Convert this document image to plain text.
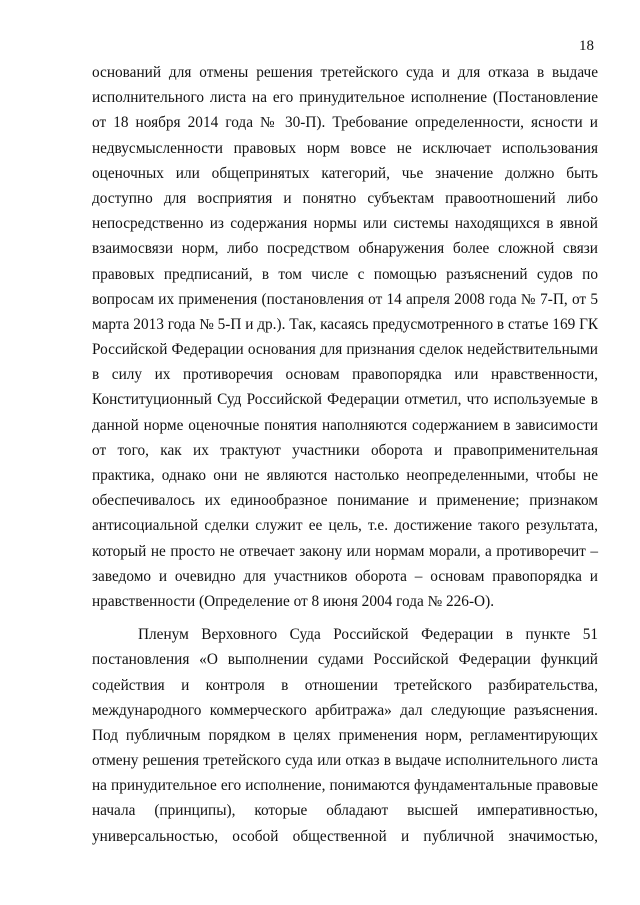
18
оснований для отмены решения третейского суда и для отказа в выдаче
исполнительного листа на его принудительное исполнение (Постановление
от 18 ноября 2014 года № 30-П). Требование определенности, ясности и
недвусмысленности правовых норм вовсе не исключает использования
оценочных или общепринятых категорий, чье значение должно быть
доступно для восприятия и понятно субъектам правоотношений либо
непосредственно из содержания нормы или системы находящихся в явной
взаимосвязи норм, либо посредством обнаружения более сложной связи
правовых предписаний, в том числе с помощью разъяснений судов по
вопросам их применения (постановления от 14 апреля 2008 года № 7-П, от 5
марта 2013 года № 5-П и др.). Так, касаясь предусмотренного в статье 169 ГК
Российской Федерации основания для признания сделок недействительными
в силу их противоречия основам правопорядка или нравственности,
Конституционный Суд Российской Федерации отметил, что используемые в
данной норме оценочные понятия наполняются содержанием в зависимости
от того, как их трактуют участники оборота и правоприменительная
практика, однако они не являются настолько неопределенными, чтобы не
обеспечивалось их единообразное понимание и применение; признаком
антисоциальной сделки служит ее цель, т.е. достижение такого результата,
который не просто не отвечает закону или нормам морали, а противоречит –
заведомо и очевидно для участников оборота – основам правопорядка и
нравственности (Определение от 8 июня 2004 года № 226-О).
Пленум Верховного Суда Российской Федерации в пункте 51
постановления «О выполнении судами Российской Федерации функций
содействия и контроля в отношении третейского разбирательства,
международного коммерческого арбитража» дал следующие разъяснения.
Под публичным порядком в целях применения норм, регламентирующих
отмену решения третейского суда или отказ в выдаче исполнительного листа
на принудительное его исполнение, понимаются фундаментальные правовые
начала (принципы), которые обладают высшей императивностью,
универсальностью, особой общественной и публичной значимостью,
